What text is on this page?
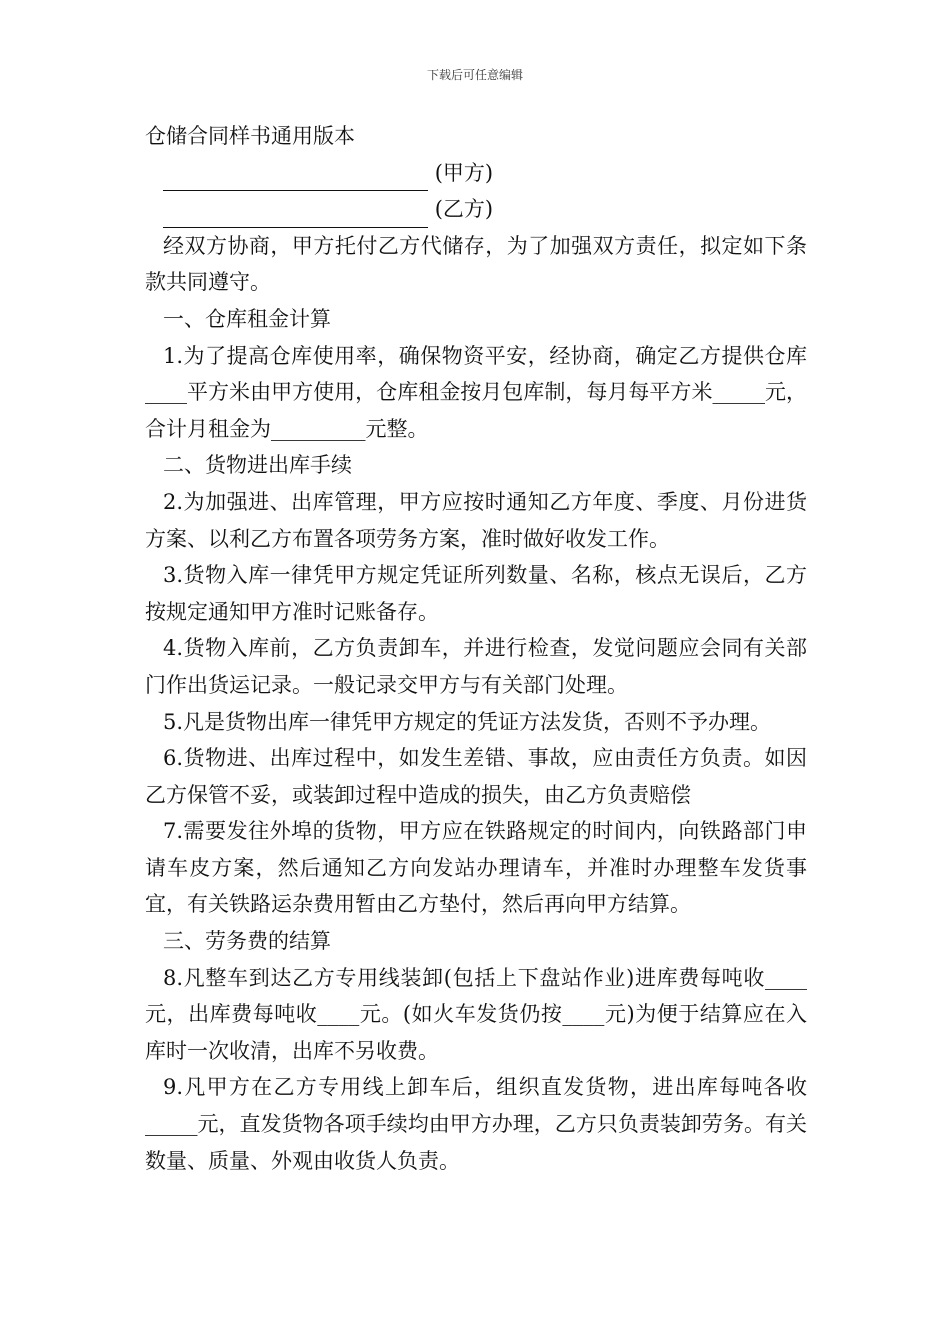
下载后可任意编辑

仓储合同样书通用版本

(甲方)

(乙方)

经双方协商，甲方托付乙方代储存，为了加强双方责任，拟定如下条款共同遵守。

一、仓库租金计算

1.为了提高仓库使用率，确保物资平安，经协商，确定乙方提供仓库____平方米由甲方使用，仓库租金按月包库制，每月每平方米_____元，合计月租金为_________元整。

二、货物进出库手续

2.为加强进、出库管理，甲方应按时通知乙方年度、季度、月份进货方案、以利乙方布置各项劳务方案，准时做好收发工作。

3.货物入库一律凭甲方规定凭证所列数量、名称，核点无误后，乙方按规定通知甲方准时记账备存。

4.货物入库前，乙方负责卸车，并进行检查，发觉问题应会同有关部门作出货运记录。一般记录交甲方与有关部门处理。

5.凡是货物出库一律凭甲方规定的凭证方法发货，否则不予办理。

6.货物进、出库过程中，如发生差错、事故，应由责任方负责。如因乙方保管不妥，或装卸过程中造成的损失，由乙方负责赔偿

7.需要发往外埠的货物，甲方应在铁路规定的时间内，向铁路部门申请车皮方案，然后通知乙方向发站办理请车，并准时办理整车发货事宜，有关铁路运杂费用暂由乙方垫付，然后再向甲方结算。

三、劳务费的结算

8.凡整车到达乙方专用线装卸(包括上下盘站作业)进库费每吨收____元，出库费每吨收____元。(如火车发货仍按____元)为便于结算应在入库时一次收清，出库不另收费。

9.凡甲方在乙方专用线上卸车后，组织直发货物，进出库每吨各收_____元，直发货物各项手续均由甲方办理，乙方只负责装卸劳务。有关数量、质量、外观由收货人负责。
